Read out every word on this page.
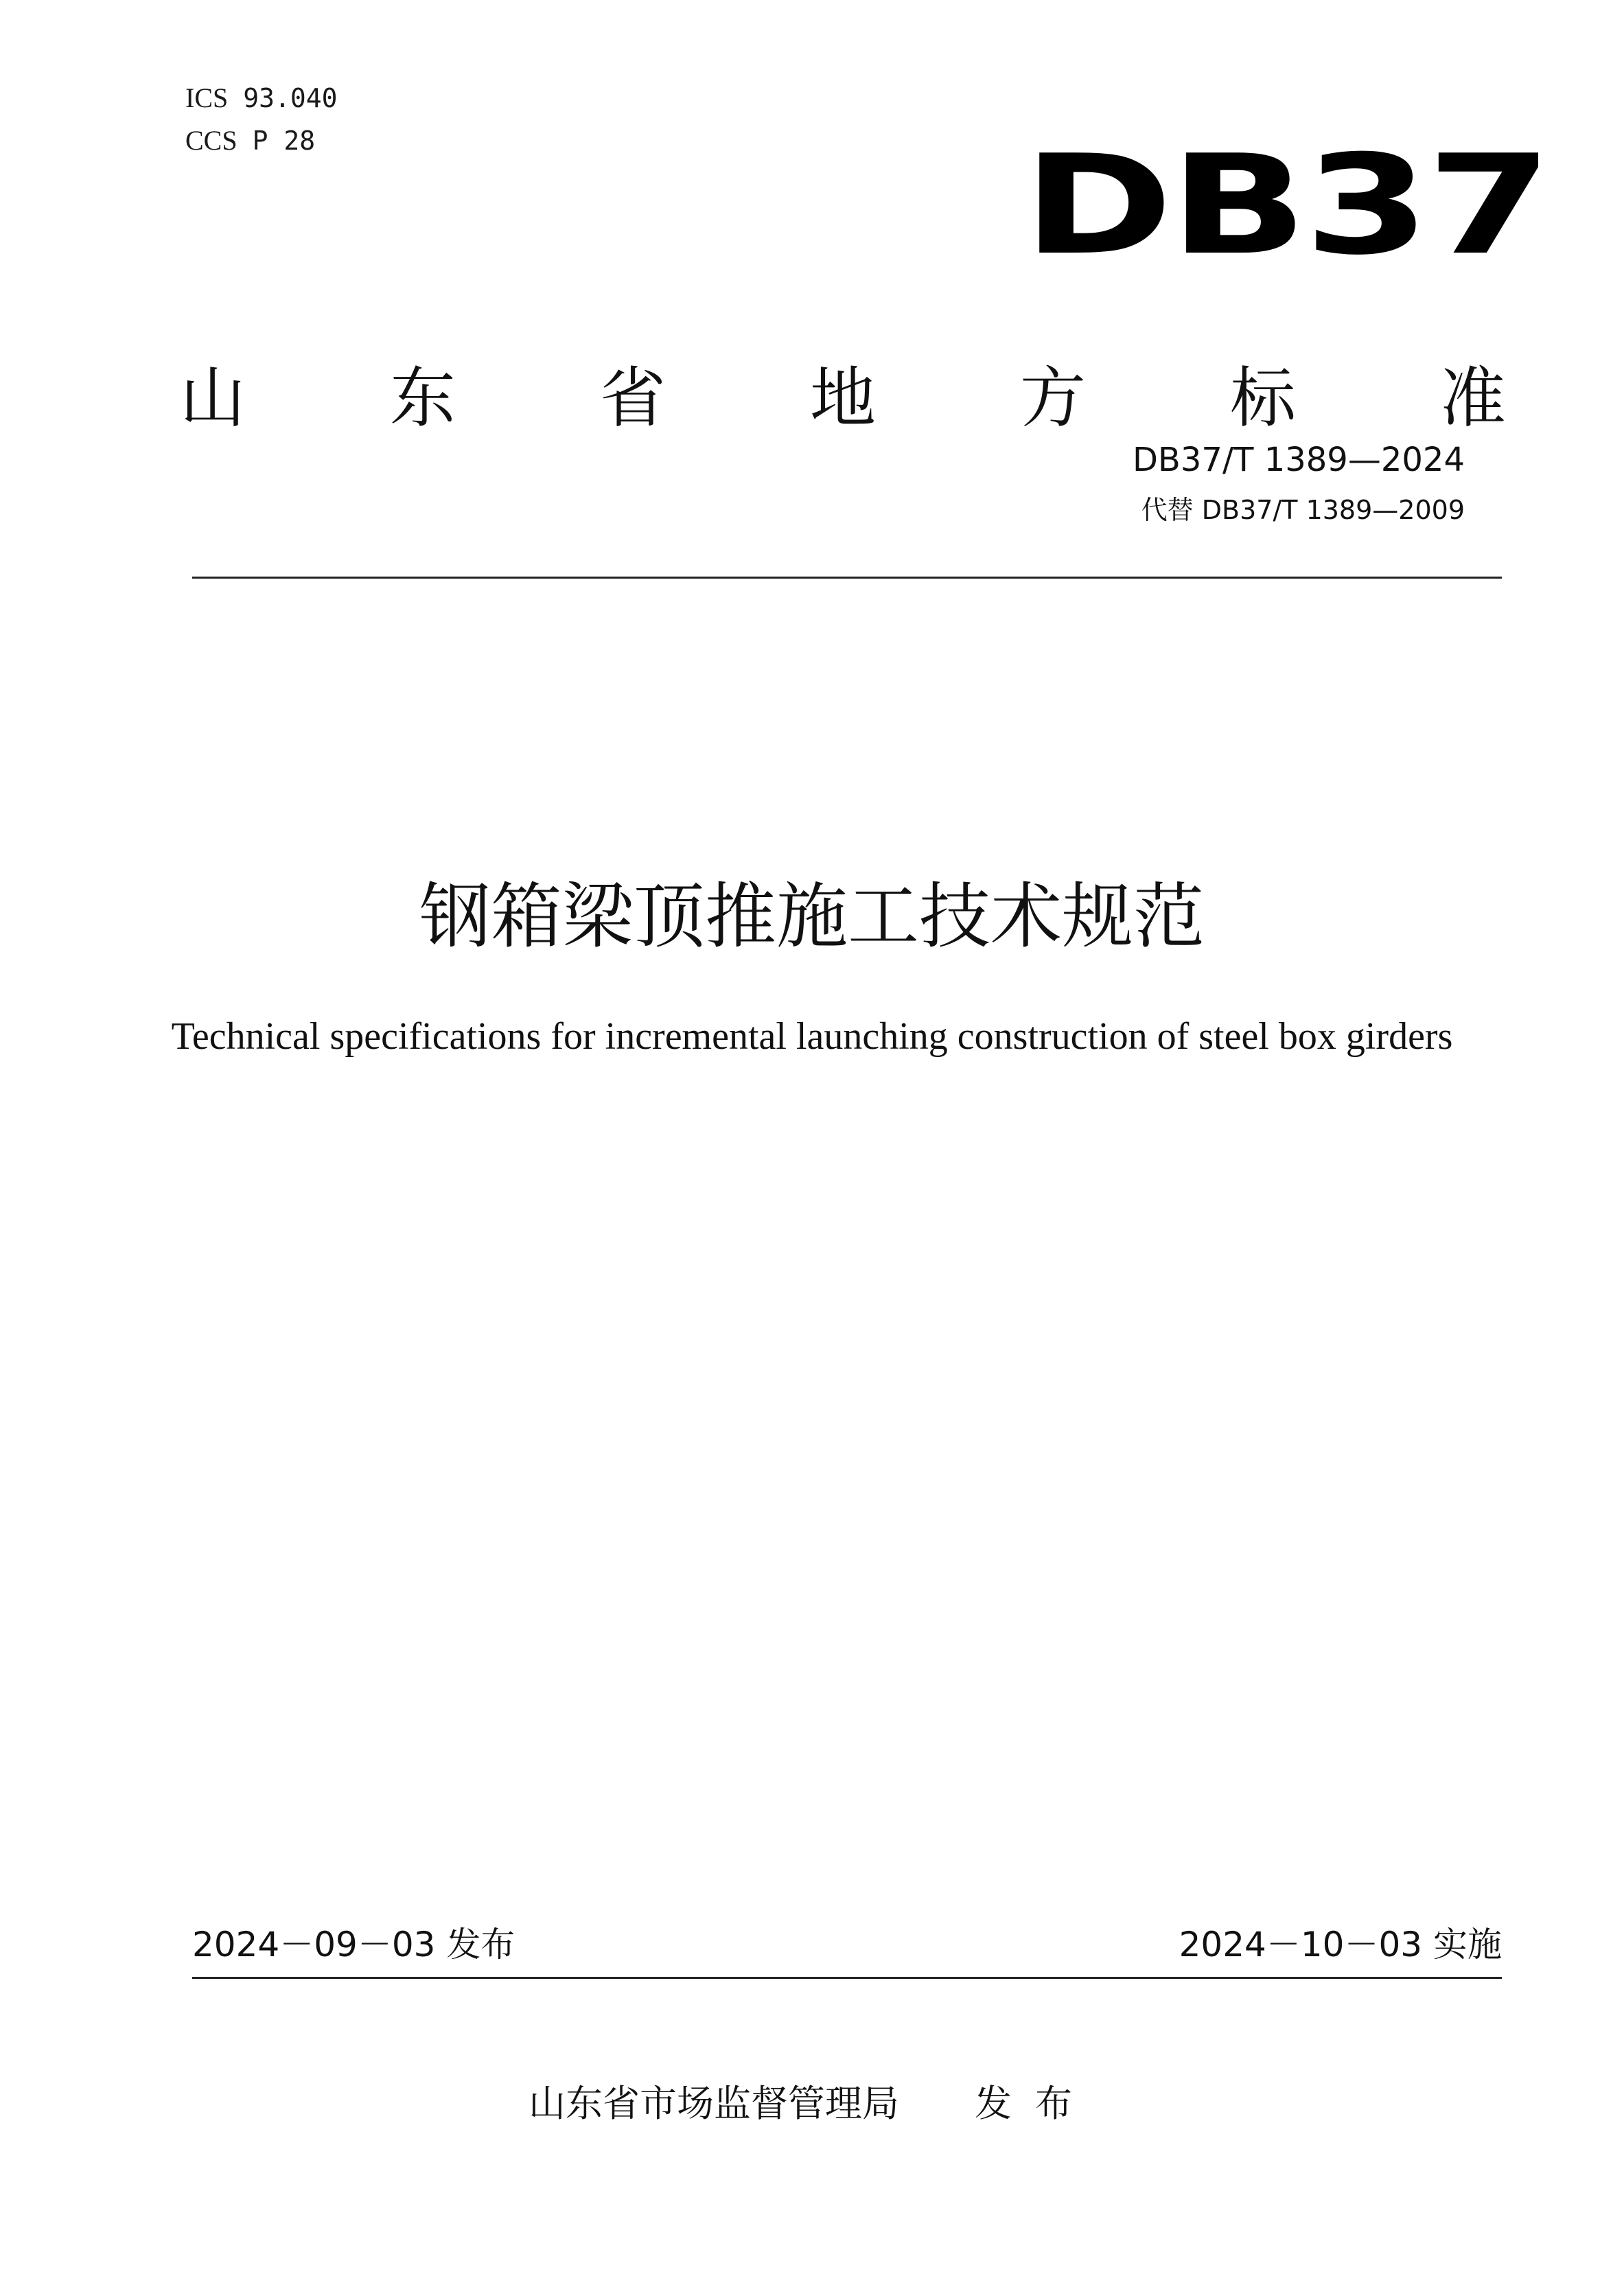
ICS 93.040
CCS P 28	DB37
山 东 省 地 方 标 准
DB37/T 1389—2024
代替 DB37/T 1389—2009
钢箱梁顶推施工技术规范
Technical specifications for incremental launching construction of steel box girders
2024－09－03 发布	2024－10－03 实施
山东省市场监督管理局 发布
